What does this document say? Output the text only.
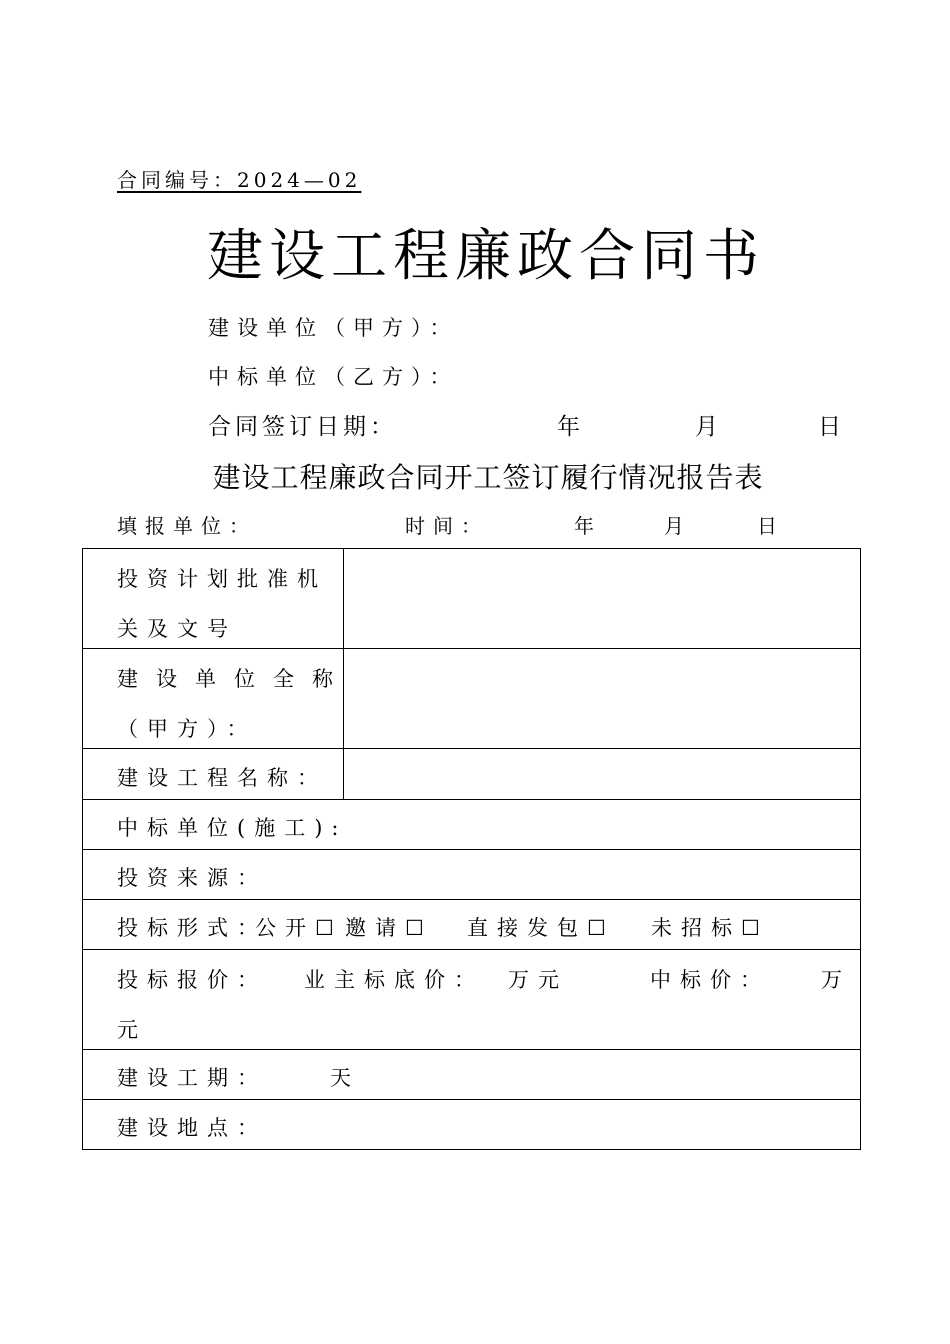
合同编号：2024—02
建设工程廉政合同书
建设单位（甲方）：
中标单位（乙方）：
合同签订日期：	年	月	日
建设工程廉政合同开工签订履行情况报告表
填报单位：	时间：	年	月	日
投资计划批准机
关及文号
建设单位全称
（甲方）：
建设工程名称：
中标单位(施工):
投资来源：
投标形式：
公开☐ 邀请☐ 直接发包☐ 未招标☐
投标报价： 业主标底价： 万元	中标价： 万
元
建设工期：	天
建设地点：
